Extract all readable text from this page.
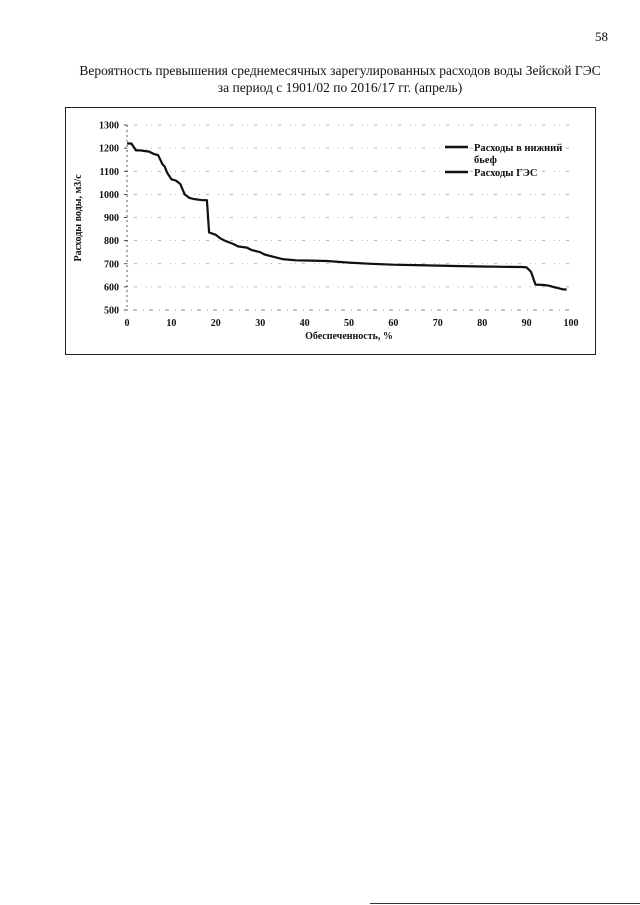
58
Вероятность превышения среднемесячных зарегулированных расходов воды Зейской ГЭС
за период с 1901/02 по 2016/17 гг. (апрель)
500
600
700
800
900
1000
1100
1200
1300
0	10	20	30	40	50	60	70	80	90	100
Расходы воды, м3/с
Обеспеченность, %
Расходы в нижний
бьеф
Расходы ГЭС
